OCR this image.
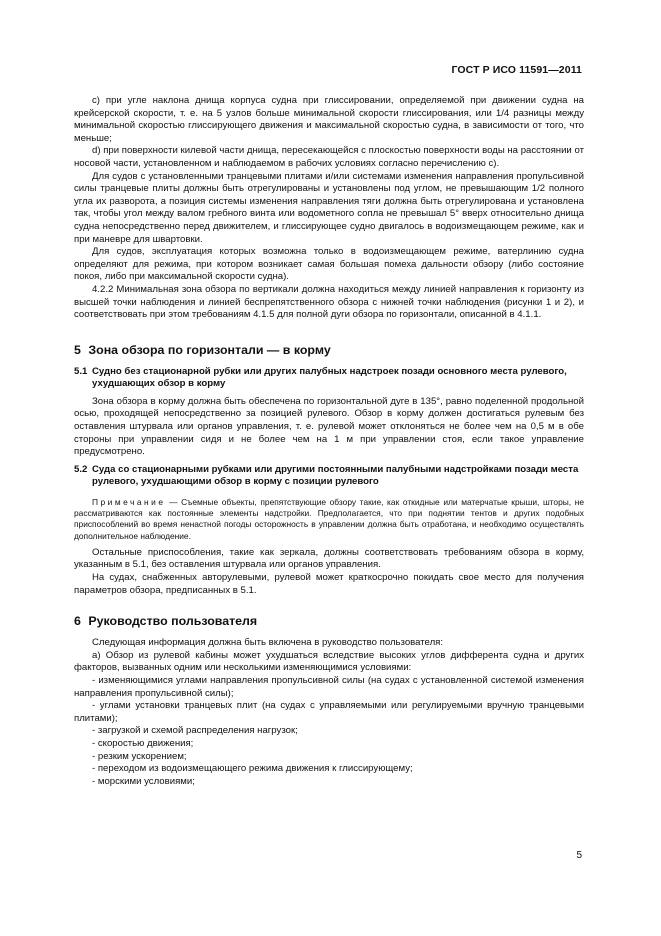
ГОСТ Р ИСО 11591—2011

с) при угле наклона днища корпуса судна при глиссировании, определяемой при движении судна на крейсерской скорости, т. е. на 5 узлов больше минимальной скорости глиссирования, или 1/4 разницы между минимальной скоростью глиссирующего движения и максимальной скоростью судна, в зависимости от того, что меньше;

d) при поверхности килевой части днища, пересекающейся с плоскостью поверхности воды на расстоянии от носовой части, установленном и наблюдаемом в рабочих условиях согласно перечислению с).

Для судов с установленными транцевыми плитами и/или системами изменения направления пропульсивной силы транцевые плиты должны быть отрегулированы и установлены под углом, не превышающим 1/2 полного угла их разворота, а позиция системы изменения направления тяги должна быть отрегулирована и установлена так, чтобы угол между валом гребного винта или водометного сопла не превышал 5° вверх относительно днища судна непосредственно перед движителем, и глиссирующее судно двигалось в водоизмещающем режиме, как и при маневре для швартовки.

Для судов, эксплуатация которых возможна только в водоизмещающем режиме, ватерлинию судна определяют для режима, при котором возникает самая большая помеха дальности обзору (либо состояние покоя, либо при максимальной скорости судна).

4.2.2 Минимальная зона обзора по вертикали должна находиться между линией направления к горизонту из высшей точки наблюдения и линией беспрепятственного обзора с нижней точки наблюдения (рисунки 1 и 2), и соответствовать при этом требованиям 4.1.5 для полной дуги обзора по горизонтали, описанной в 4.1.1.

5 Зона обзора по горизонтали — в корму
5.1 Судно без стационарной рубки или других палубных надстроек позади основного места рулевого, ухудшающих обзор в корму

Зона обзора в корму должна быть обеспечена по горизонтальной дуге в 135°, равно поделенной продольной осью, проходящей непосредственно за позицией рулевого. Обзор в корму должен достигаться рулевым без оставления штурвала или органов управления, т. е. рулевой может отклоняться не более чем на 0,5 м в обе стороны при управлении сидя и не более чем на 1 м при управлении стоя, если такое управление предусмотрено.

5.2 Суда со стационарными рубками или другими постоянными палубными надстройками позади места рулевого, ухудшающими обзор в корму с позиции рулевого

Примечание — Съемные объекты, препятствующие обзору такие, как откидные или матерчатые крыши, шторы, не рассматриваются как постоянные элементы надстройки. Предполагается, что при поднятии тентов и других подобных приспособлений во время ненастной погоды осторожность в управлении должна быть отработана, и необходимо осуществлять дополнительное наблюдение.

Остальные приспособления, такие как зеркала, должны соответствовать требованиям обзора в корму, указанным в 5.1, без оставления штурвала или органов управления.

На судах, снабженных авторулевыми, рулевой может краткосрочно покидать свое место для получения параметров обзора, предписанных в 5.1.

6 Руководство пользователя

Следующая информация должна быть включена в руководство пользователя:

а) Обзор из рулевой кабины может ухудшаться вследствие высоких углов дифферента судна и других факторов, вызванных одним или несколькими изменяющимися условиями:

- изменяющимися углами направления пропульсивной силы (на судах с установленной системой изменения направления пропульсивной силы);

- углами установки транцевых плит (на судах с управляемыми или регулируемыми вручную транцевыми плитами);

- загрузкой и схемой распределения нагрузок;

- скоростью движения;

- резким ускорением;

- переходом из водоизмещающего режима движения к глиссирующему;

- морскими условиями;

5
